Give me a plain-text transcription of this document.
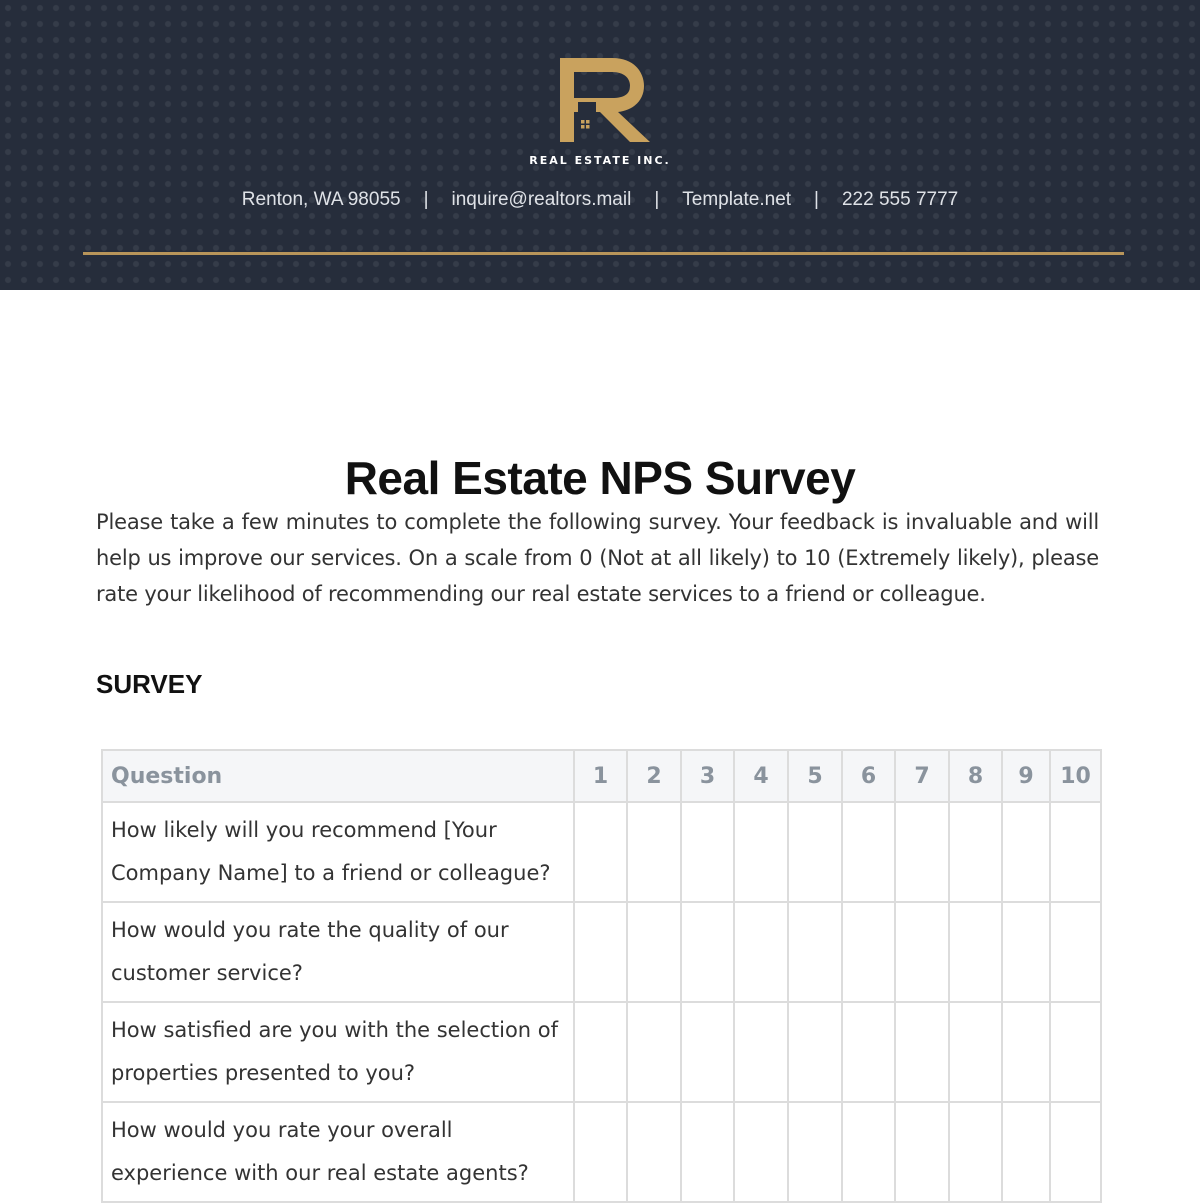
REAL ESTATE INC.
Renton, WA 98055 | inquire@realtors.mail | Template.net | 222 555 7777
Real Estate NPS Survey

Please take a few minutes to complete the following survey. Your feedback is invaluable and will help us improve our services. On a scale from 0 (Not at all likely) to 10 (Extremely likely), please rate your likelihood of recommending our real estate services to a friend or colleague.

SURVEY
Question	1	2	3	4	5	6	7	8	9	10
How likely will you recommend [Your Company Name] to a friend or colleague?										
How would you rate the quality of our customer service?										
How satisfied are you with the selection of properties presented to you?										
How would you rate your overall experience with our real estate agents?										
